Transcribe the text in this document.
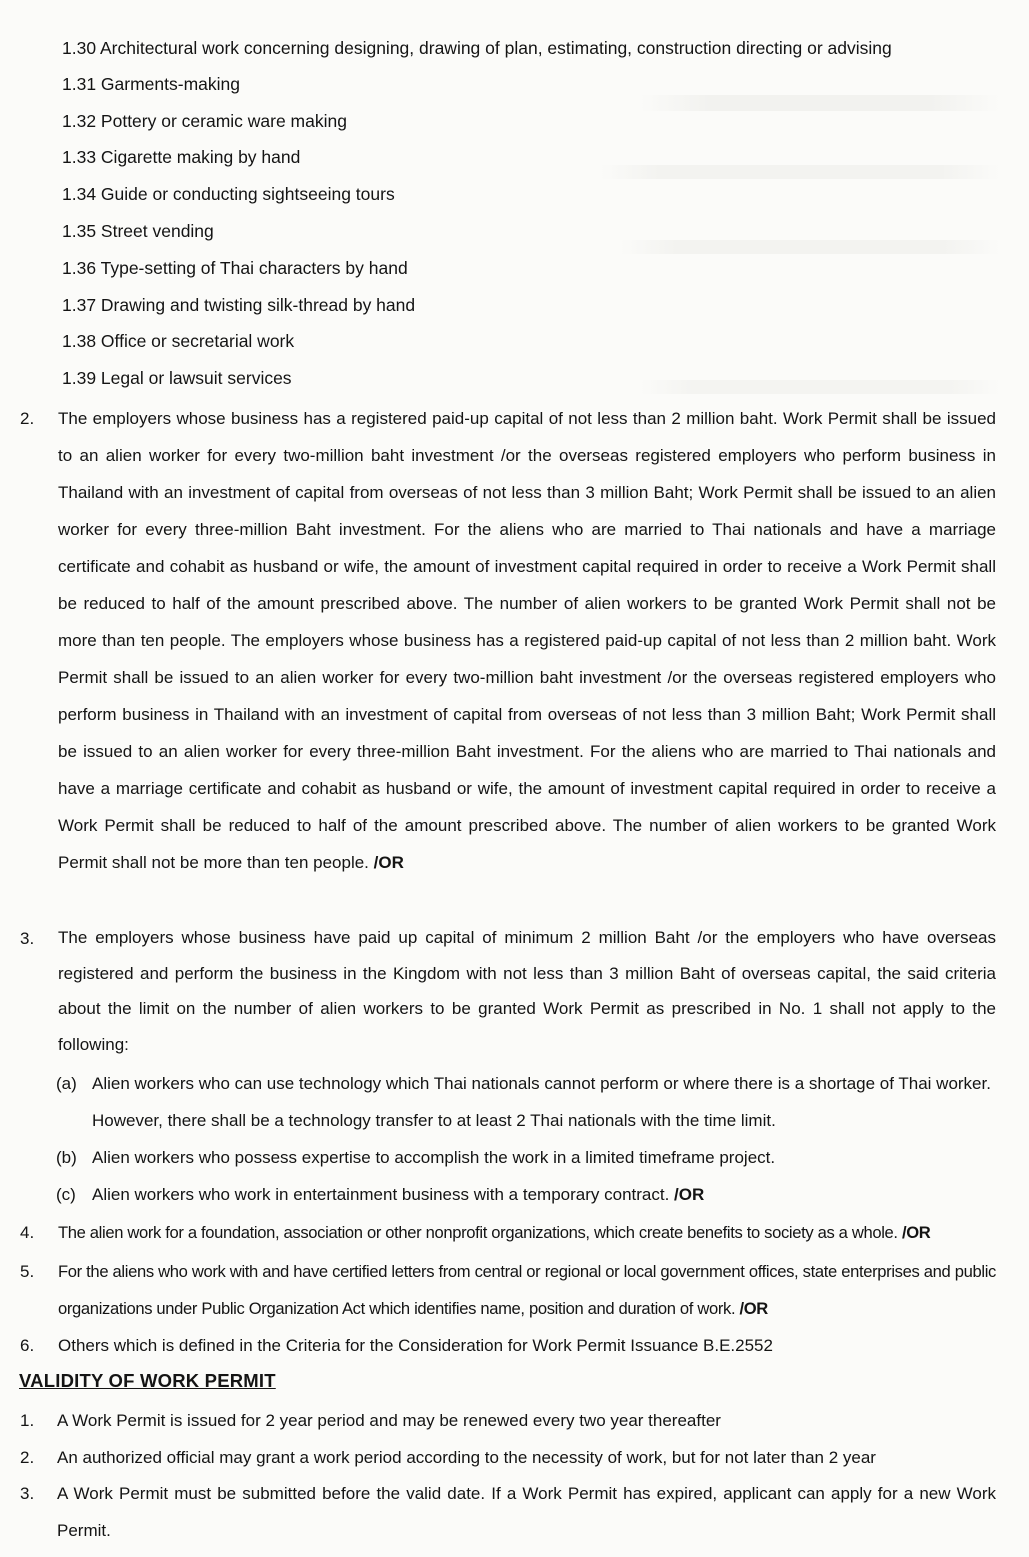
1.30 Architectural work concerning designing, drawing of plan, estimating, construction directing or advising
1.31 Garments-making
1.32 Pottery or ceramic ware making
1.33 Cigarette making by hand
1.34 Guide or conducting sightseeing tours
1.35 Street vending
1.36 Type-setting of Thai characters by hand
1.37 Drawing and twisting silk-thread by hand
1.38 Office or secretarial work
1.39 Legal or lawsuit services
2. The employers whose business has a registered paid-up capital of not less than 2 million baht. Work Permit shall be issued to an alien worker for every two-million baht investment /or the overseas registered employers who perform business in Thailand with an investment of capital from overseas of not less than 3 million Baht; Work Permit shall be issued to an alien worker for every three-million Baht investment. For the aliens who are married to Thai nationals and have a marriage certificate and cohabit as husband or wife, the amount of investment capital required in order to receive a Work Permit shall be reduced to half of the amount prescribed above. The number of alien workers to be granted Work Permit shall not be more than ten people. The employers whose business has a registered paid-up capital of not less than 2 million baht. Work Permit shall be issued to an alien worker for every two-million baht investment /or the overseas registered employers who perform business in Thailand with an investment of capital from overseas of not less than 3 million Baht; Work Permit shall be issued to an alien worker for every three-million Baht investment. For the aliens who are married to Thai nationals and have a marriage certificate and cohabit as husband or wife, the amount of investment capital required in order to receive a Work Permit shall be reduced to half of the amount prescribed above. The number of alien workers to be granted Work Permit shall not be more than ten people. /OR
3. The employers whose business have paid up capital of minimum 2 million Baht /or the employers who have overseas registered and perform the business in the Kingdom with not less than 3 million Baht of overseas capital, the said criteria about the limit on the number of alien workers to be granted Work Permit as prescribed in No. 1 shall not apply to the following:
(a) Alien workers who can use technology which Thai nationals cannot perform or where there is a shortage of Thai worker. However, there shall be a technology transfer to at least 2 Thai nationals with the time limit.
(b) Alien workers who possess expertise to accomplish the work in a limited timeframe project.
(c) Alien workers who work in entertainment business with a temporary contract. /OR
4. The alien work for a foundation, association or other nonprofit organizations, which create benefits to society as a whole. /OR
5. For the aliens who work with and have certified letters from central or regional or local government offices, state enterprises and public organizations under Public Organization Act which identifies name, position and duration of work. /OR
6. Others which is defined in the Criteria for the Consideration for Work Permit Issuance B.E.2552
VALIDITY OF WORK PERMIT
1. A Work Permit is issued for 2 year period and may be renewed every two year thereafter
2. An authorized official may grant a work period according to the necessity of work, but for not later than 2 year
3. A Work Permit must be submitted before the valid date. If a Work Permit has expired, applicant can apply for a new Work Permit.
